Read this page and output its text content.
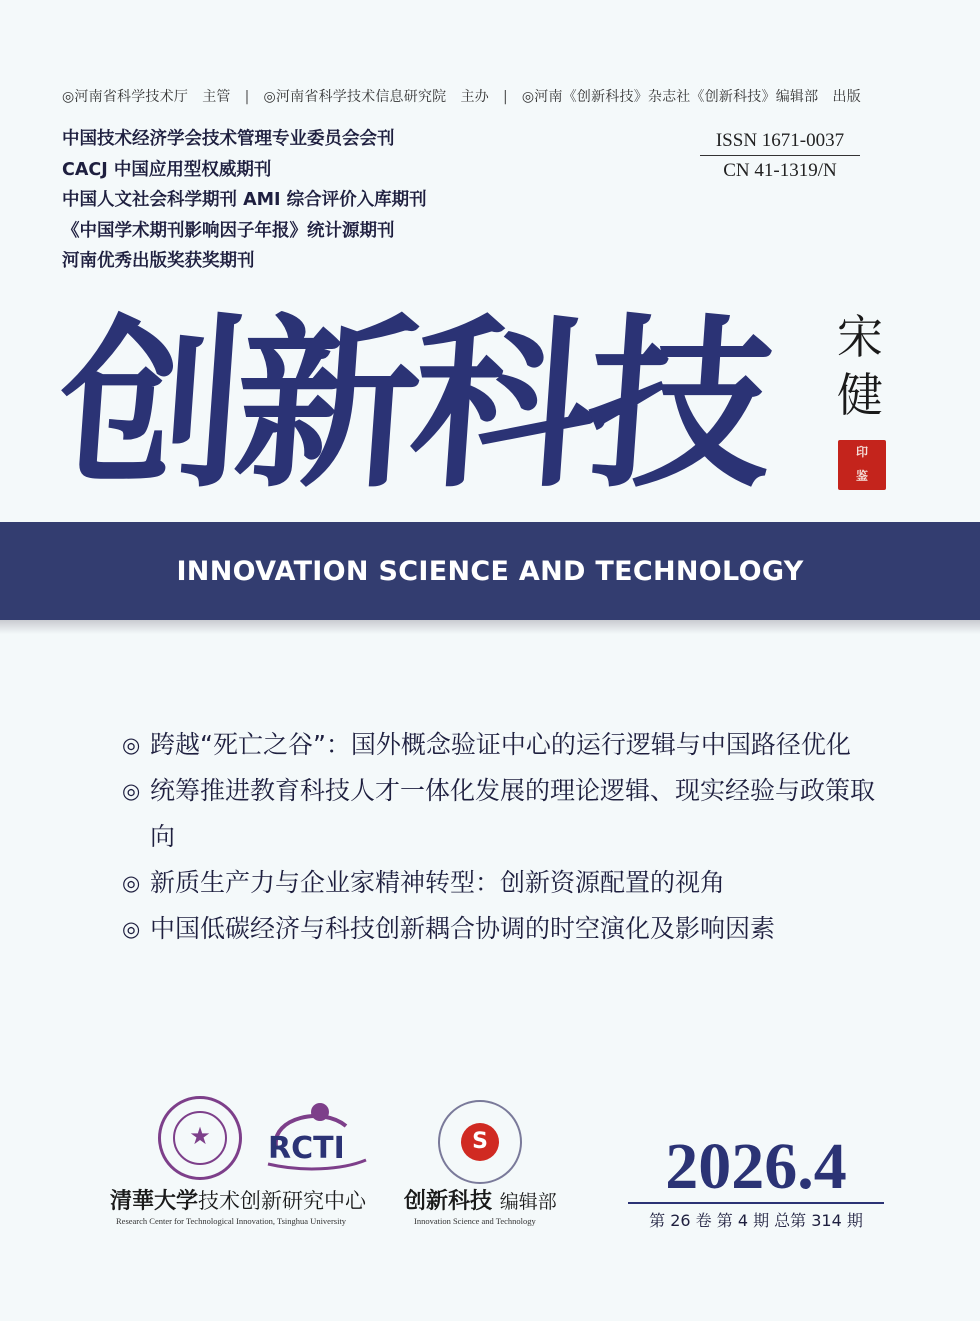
◎河南省科学技术厅　主管 | ◎河南省科学技术信息研究院　主办 | ◎河南《创新科技》杂志社《创新科技》编辑部　出版
中国技术经济学会技术管理专业委员会会刊
CACJ 中国应用型权威期刊
中国人文社会科学期刊 AMI 综合评价入库期刊
《中国学术期刊影响因子年报》统计源期刊
河南优秀出版奖获奖期刊
ISSN 1671-0037
CN 41-1319/N
创新科技	宋健
印
鉴
INNOVATION SCIENCE AND TECHNOLOGY
◎ 跨越“死亡之谷”：国外概念验证中心的运行逻辑与中国路径优化
◎ 统筹推进教育科技人才一体化发展的理论逻辑、现实经验与政策取向
◎ 新质生产力与企业家精神转型：创新资源配置的视角
◎ 中国低碳经济与科技创新耦合协调的时空演化及影响因素
★	RCTI	S
清華大学技术创新研究中心
Research Center for Technological Innovation, Tsinghua University
创新科技 编辑部
Innovation Science and Technology
2026.4
第 26 卷 第 4 期 总第 314 期
